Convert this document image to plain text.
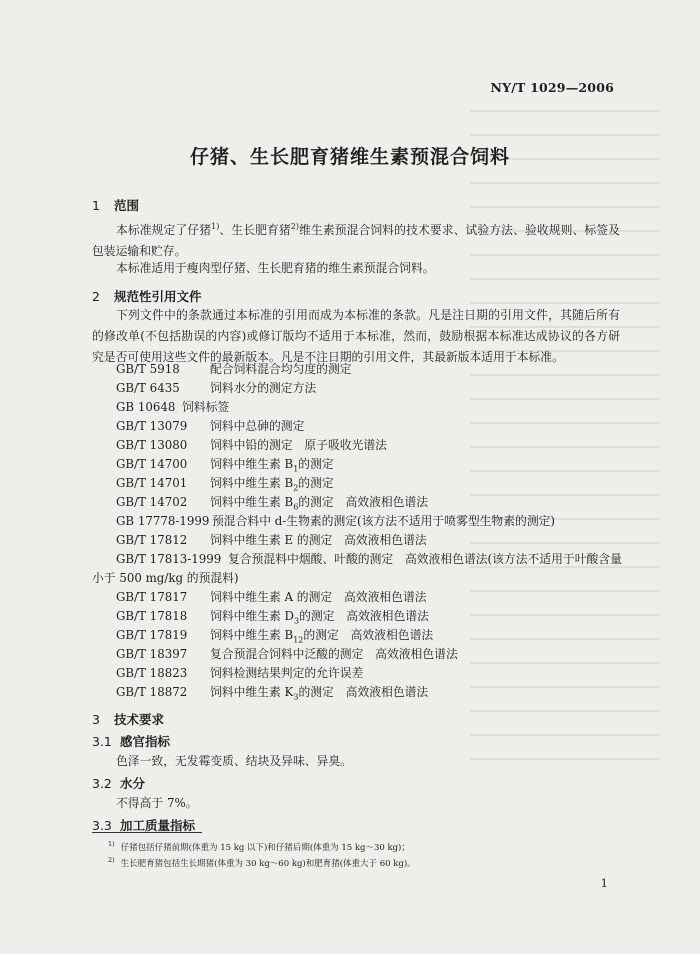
NY/T 1029—2006
仔猪、生长肥育猪维生素预混合饲料
1 范围
本标准规定了仔猪$^{1)}$、生长肥育猪$^{2)}$维生素预混合饲料的技术要求、试验方法、验收规则、标签及包装运输和贮存。
本标准适用于瘦肉型仔猪、生长肥育猪的维生素预混合饲料。
2 规范性引用文件
下列文件中的条款通过本标准的引用而成为本标准的条款。凡是注日期的引用文件，其随后所有的修改单(不包括勘误的内容)或修订版均不适用于本标准，然而，鼓励根据本标准达成协议的各方研究是否可使用这些文件的最新版本。凡是不注日期的引用文件，其最新版本适用于本标准。
GB/T 5918	配合饲料混合均匀度的测定
GB/T 6435	饲料水分的测定方法
GB 10648 饲料标签
GB/T 13079 饲料中总砷的测定
GB/T 13080 饲料中铅的测定　原子吸收光谱法
GB/T 14700 饲料中维生素 $B_1$的测定
GB/T 14701 饲料中维生素 $B_2$的测定
GB/T 14702 饲料中维生素 $B_6$的测定　高效液相色谱法
GB 17778-1999 预混合料中 d-生物素的测定(该方法不适用于喷雾型生物素的测定)
GB/T 17812 饲料中维生素 E 的测定　高效液相色谱法
GB/T 17813-1999 复合预混料中烟酸、叶酸的测定　高效液相色谱法(该方法不适用于叶酸含量
小于 500 mg/kg 的预混料)
GB/T 17817 饲料中维生素 A 的测定　高效液相色谱法
GB/T 17818 饲料中维生素 $D_3$的测定　高效液相色谱法
GB/T 17819 饲料中维生素 $B_{12}$的测定　高效液相色谱法
GB/T 18397 复合预混合饲料中泛酸的测定　高效液相色谱法
GB/T 18823 饲料检测结果判定的允许误差
GB/T 18872 饲料中维生素 $K_3$的测定　高效液相色谱法
3 技术要求
3.1 感官指标
色泽一致，无发霉变质、结块及异味、异臭。
3.2 水分
$^{1)}$ 仔猪包括仔猪前期(体重为 15 kg 以下)和仔猪后期(体重为 15 kg～30 kg)；
$^{2)}$ 生长肥育猪包括生长期猪(体重为 30 kg～60 kg)和肥育猪(体重大于 60 kg)。
1
不得高于 7%。
3.3 加工质量指标
